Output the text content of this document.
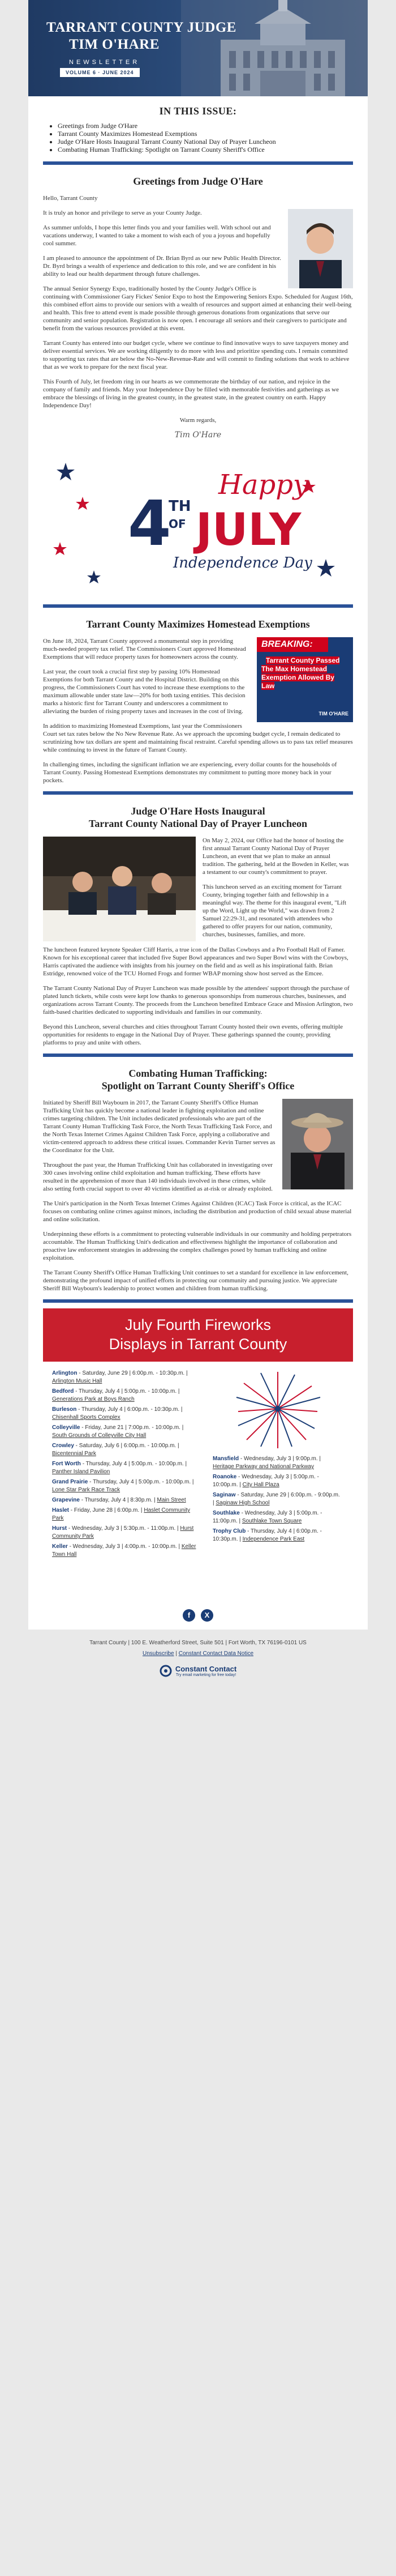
TARRANT COUNTY JUDGE
TIM O'HARE
NEWSLETTER
VOLUME 6 · JUNE 2024
IN THIS ISSUE:
• Greetings from Judge O'Hare
• Tarrant County Maximizes Homestead Exemptions
• Judge O'Hare Hosts Inaugural Tarrant County National Day of Prayer Luncheon
• Combating Human Trafficking: Spotlight on Tarrant County Sheriff's Office
Greetings from Judge O'Hare

Hello, Tarrant County

It is truly an honor and privilege to serve as your County Judge.

As summer unfolds, I hope this letter finds you and your families well. With school out and vacations underway, I wanted to take a moment to wish each of you a joyous and hopefully cool summer.

I am pleased to announce the appointment of Dr. Brian Byrd as our new Public Health Director. Dr. Byrd brings a wealth of experience and dedication to this role, and we are confident in his ability to lead our health department through future challenges.

The annual Senior Synergy Expo, traditionally hosted by the County Judge's Office is continuing with Commissioner Gary Fickes' Senior Expo to host the Empowering Seniors Expo. Scheduled for August 16th, this combined effort aims to provide our seniors with a wealth of resources and support aimed at enhancing their well-being and health. This free to attend event is made possible through generous donations from organizations that serve our community and senior population. Registration is now open. I encourage all seniors and their caregivers to participate and benefit from the various resources provided at this event.

Tarrant County has entered into our budget cycle, where we continue to find innovative ways to save taxpayers money and deliver essential services. We are working diligently to do more with less and prioritize spending cuts. I remain committed to supporting tax rates that are below the No-New-Revenue-Rate and will commit to finding solutions that work to achieve that as we work to prepare for the next fiscal year.

This Fourth of July, let freedom ring in our hearts as we commemorate the birthday of our nation, and rejoice in the company of family and friends. May your Independence Day be filled with memorable festivities and gatherings as we embrace the blessings of living in the greatest county, in the greatest state, in the greatest country on earth. Happy Independence Day!

Warm regards,
Tim O'Hare
Happy
4
TH
OF JULY
Independence Day
Tarrant County Maximizes Homestead Exemptions
BREAKING:
Tarrant County Passed The Max Homestead Exemption Allowed By Law
TIM O'HARE

On June 18, 2024, Tarrant County approved a monumental step in providing much-needed property tax relief. The Commissioners Court approved Homestead Exemptions that will reduce property taxes for homeowners across the county.

Last year, the court took a crucial first step by passing 10% Homestead Exemptions for both Tarrant County and the Hospital District. Building on this progress, the Commissioners Court has voted to increase these exemptions to the maximum allowable under state law—20% for both taxing entities. This decision marks a historic first for Tarrant County and underscores a commitment to alleviating the burden of rising property taxes and increases in the cost of living.

In addition to maximizing Homestead Exemptions, last year the Commissioners Court set tax rates below the No New Revenue Rate. As we approach the upcoming budget cycle, I remain dedicated to scrutinizing how tax dollars are spent and maintaining fiscal restraint. Careful spending allows us to pass tax relief measures while continuing to invest in the future of Tarrant County.

In challenging times, including the significant inflation we are experiencing, every dollar counts for the households of Tarrant County. Passing Homestead Exemptions demonstrates my commitment to putting more money back in your pockets.

Judge O'Hare Hosts Inaugural
Tarrant County National Day of Prayer Luncheon

On May 2, 2024, our Office had the honor of hosting the first annual Tarrant County National Day of Prayer Luncheon, an event that we plan to make an annual tradition. The gathering, held at the Bowden in Keller, was a testament to our county's commitment to prayer.

This luncheon served as an exciting moment for Tarrant County, bringing together faith and fellowship in a meaningful way. The theme for this inaugural event, "Lift up the Word, Light up the World," was drawn from 2 Samuel 22:29-31, and resonated with attendees who gathered to offer prayers for our nation, community, churches, businesses, families, and more.

The luncheon featured keynote Speaker Cliff Harris, a true icon of the Dallas Cowboys and a Pro Football Hall of Famer. Known for his exceptional career that included five Super Bowl appearances and two Super Bowl wins with the Cowboys, Harris captivated the audience with insights from his journey on the field and as well as his inspirational faith. Brian Estridge, renowned voice of the TCU Horned Frogs and former WBAP morning show host served as the Emcee.

The Tarrant County National Day of Prayer Luncheon was made possible by the attendees' support through the purchase of plated lunch tickets, while costs were kept low thanks to generous sponsorships from numerous churches, businesses, and organizations across Tarrant County. The proceeds from the Luncheon benefited Embrace Grace and Mission Arlington, two faith-based charities dedicated to supporting individuals and families in our community.

Beyond this Luncheon, several churches and cities throughout Tarrant County hosted their own events, offering multiple opportunities for residents to engage in the National Day of Prayer. These gatherings spanned the county, providing platforms to pray and unite with others.

Combating Human Trafficking:
Spotlight on Tarrant County Sheriff's Office

Initiated by Sheriff Bill Waybourn in 2017, the Tarrant County Sheriff's Office Human Trafficking Unit has quickly become a national leader in fighting exploitation and online crimes targeting children. The Unit includes dedicated professionals who are part of the Tarrant County Human Trafficking Task Force, the North Texas Trafficking Task Force, and the North Texas Internet Crimes Against Children Task Force, applying a collaborative and victim-centered approach to address these critical issues. Commander Kevin Turner serves as the Coordinator for the Unit.

Throughout the past year, the Human Trafficking Unit has collaborated in investigating over 300 cases involving online child exploitation and human trafficking. These efforts have resulted in the apprehension of more than 140 individuals involved in these crimes, while also setting forth crucial support to over 40 victims identified as at-risk or already exploited.

The Unit's participation in the North Texas Internet Crimes Against Children (ICAC) Task Force is critical, as the ICAC focuses on combating online crimes against minors, including the distribution and production of child sexual abuse material and online solicitation.

Underpinning these efforts is a commitment to protecting vulnerable individuals in our community and holding perpetrators accountable. The Human Trafficking Unit's dedication and effectiveness highlight the importance of collaboration and proactive law enforcement strategies in addressing the complex challenges posed by human trafficking and online exploitation.

The Tarrant County Sheriff's Office Human Trafficking Unit continues to set a standard for excellence in law enforcement, demonstrating the profound impact of unified efforts in protecting our community and pursuing justice. We appreciate Sheriff Bill Waybourn's leadership to protect women and children from human trafficking.

July Fourth Fireworks
Displays in Tarrant County
Arlington - Saturday, June 29 | 6:00p.m. - 10:30p.m. | Arlington Music Hall
Bedford - Thursday, July 4 | 5:00p.m. - 10:00p.m. | Generations Park at Boys Ranch
Burleson - Thursday, July 4 | 6:00p.m. - 10:30p.m. | Chisenhall Sports Complex
Colleyville - Friday, June 21 | 7:00p.m. - 10:00p.m. | South Grounds of Colleyville City Hall
Crowley - Saturday, July 6 | 6:00p.m. - 10:00p.m. | Bicentennial Park
Fort Worth - Thursday, July 4 | 5:00p.m. - 10:00p.m. | Panther Island Pavilion
Grand Prairie - Thursday, July 4 | 5:00p.m. - 10:00p.m. | Lone Star Park Race Track
Grapevine - Thursday, July 4 | 8:30p.m. | Main Street
Haslet - Friday, June 28 | 6:00p.m. | Haslet Community Park
Hurst - Wednesday, July 3 | 5:30p.m. - 11:00p.m. | Hurst Community Park
Keller - Wednesday, July 3 | 4:00p.m. - 10:00p.m. | Keller Town Hall
Mansfield - Wednesday, July 3 | 9:00p.m. | Heritage Parkway and National Parkway
Roanoke - Wednesday, July 3 | 5:00p.m. - 10:00p.m. | City Hall Plaza
Saginaw - Saturday, June 29 | 6:00p.m. - 9:00p.m. | Saginaw High School
Southlake - Wednesday, July 3 | 5:00p.m. - 11:00p.m. | Southlake Town Square
Trophy Club - Thursday, July 4 | 6:00p.m. - 10:30p.m. | Independence Park East
f X
Tarrant County | 100 E. Weatherford Street, Suite 501 | Fort Worth, TX 76196-0101 US
Unsubscribe | Constant Contact Data Notice
Constant Contact
Try email marketing for free today!
